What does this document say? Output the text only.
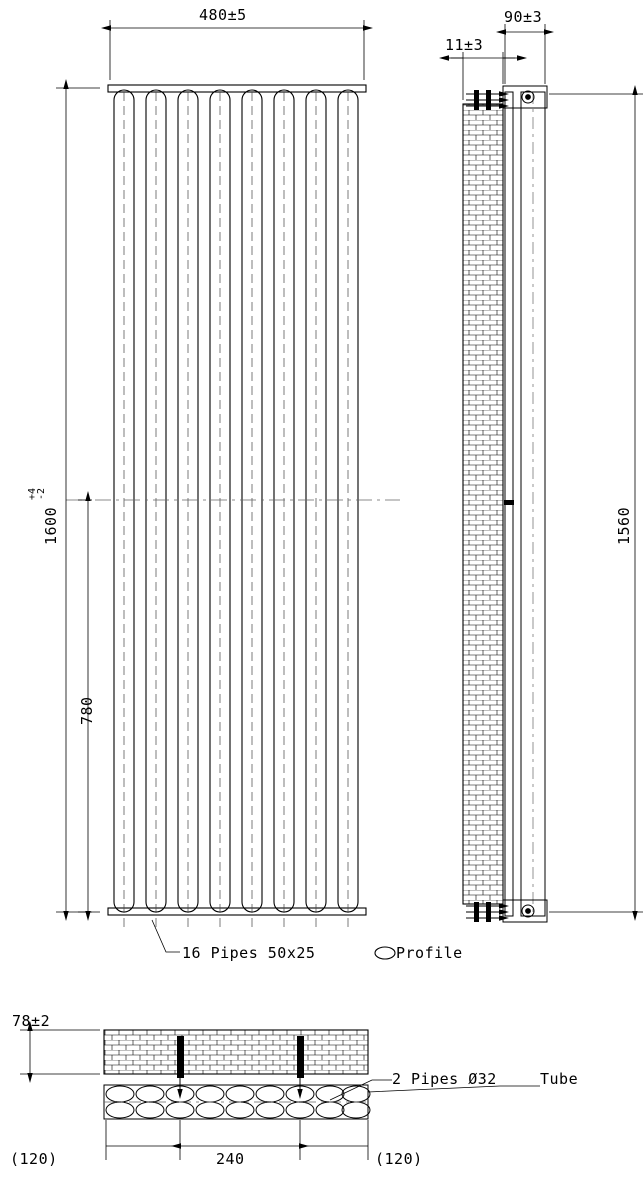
480±5
1600
+4
-2
780
16 Pipes 50x25	Profile
11±3
90±3
1560
78±2
2 Pipes Ø32	Tube
240
(120)	(120)
